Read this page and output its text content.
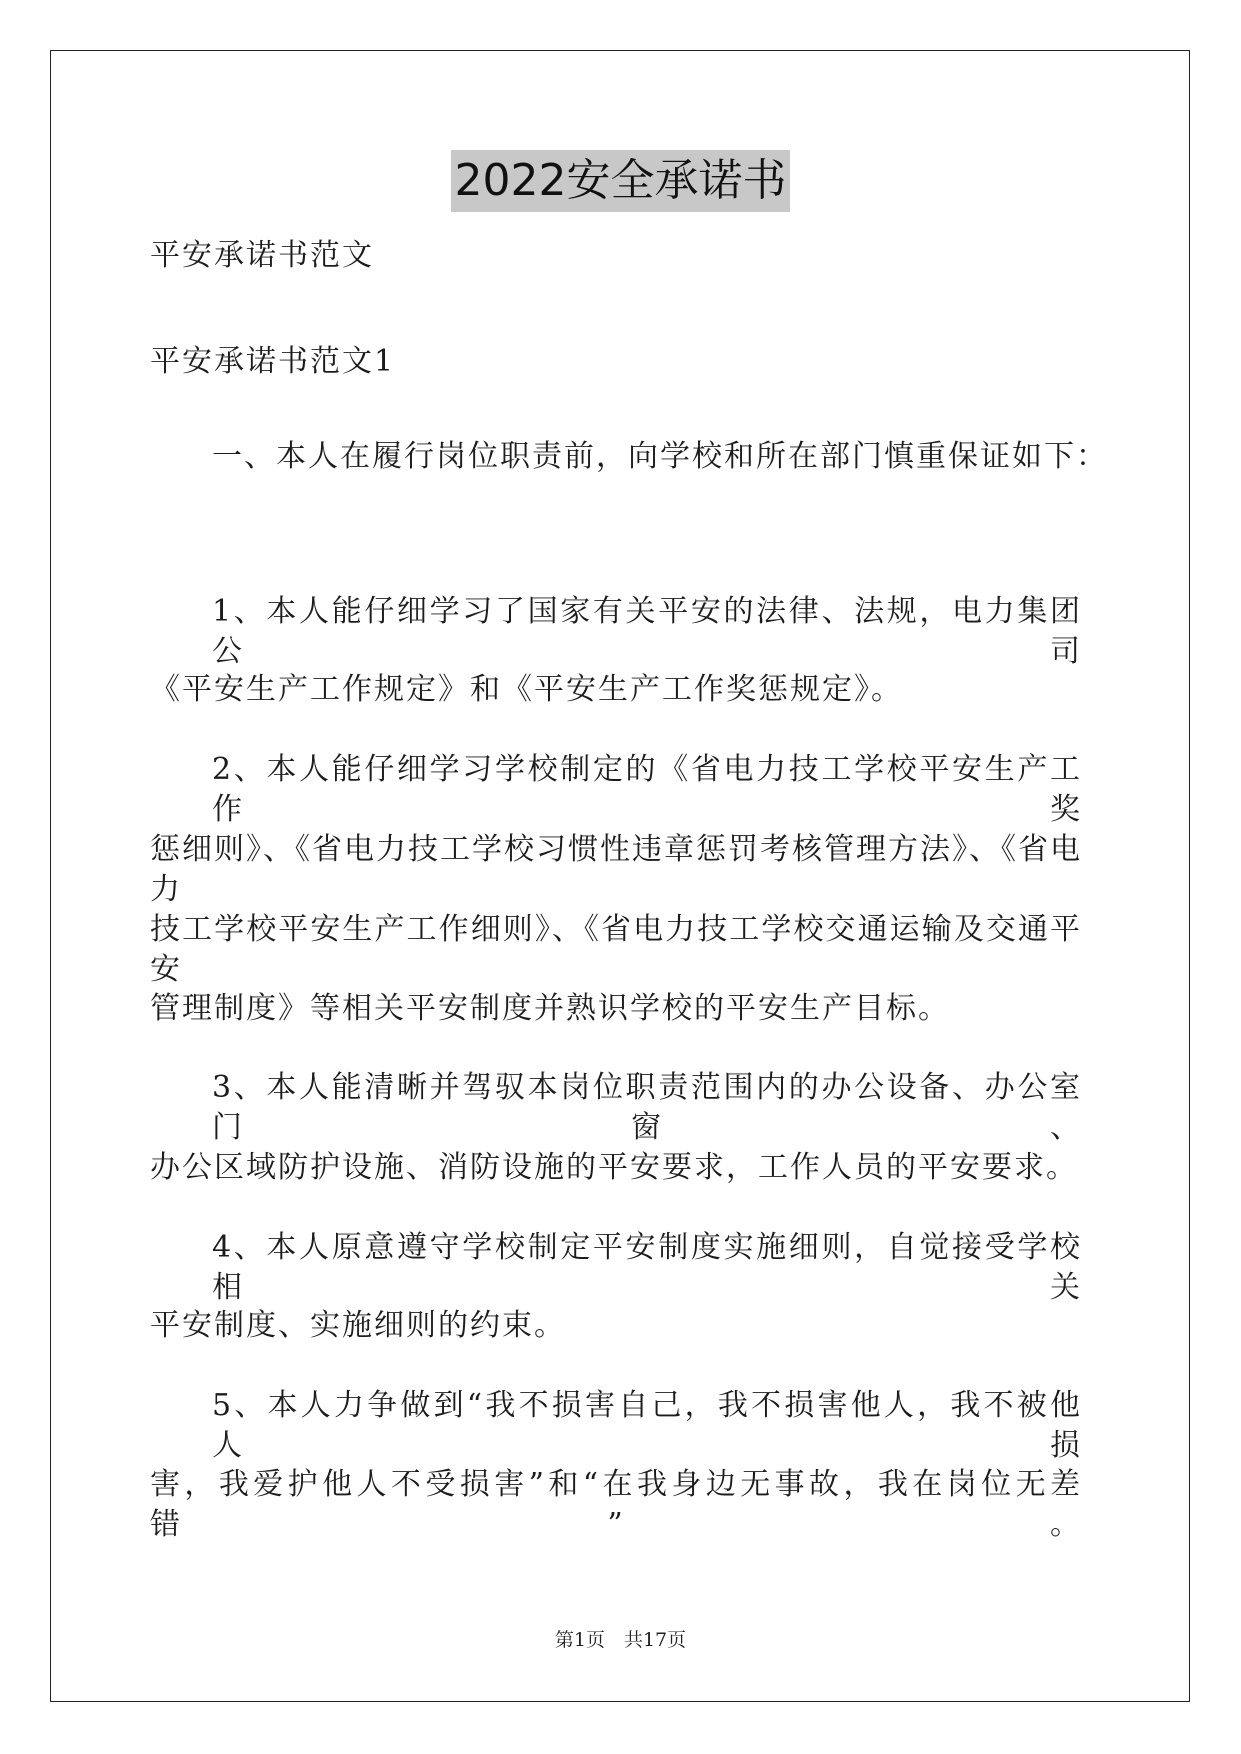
2022安全承诺书
平安承诺书范文
平安承诺书范文1
一、本人在履行岗位职责前，向学校和所在部门慎重保证如下：
1、本人能仔细学习了国家有关平安的法律、法规，电力集团公司
《平安生产工作规定》和《平安生产工作奖惩规定》。
2、本人能仔细学习学校制定的《省电力技工学校平安生产工作奖
惩细则》、《省电力技工学校习惯性违章惩罚考核管理方法》、《省电力
技工学校平安生产工作细则》、《省电力技工学校交通运输及交通平安
管理制度》等相关平安制度并熟识学校的平安生产目标。
3、本人能清晰并驾驭本岗位职责范围内的办公设备、办公室门窗、
办公区域防护设施、消防设施的平安要求，工作人员的平安要求。
4、本人原意遵守学校制定平安制度实施细则，自觉接受学校相关
平安制度、实施细则的约束。
5、本人力争做到“我不损害自己，我不损害他人，我不被他人损
害，我爱护他人不受损害”和“在我身边无事故，我在岗位无差错”。
第1页　共17页
